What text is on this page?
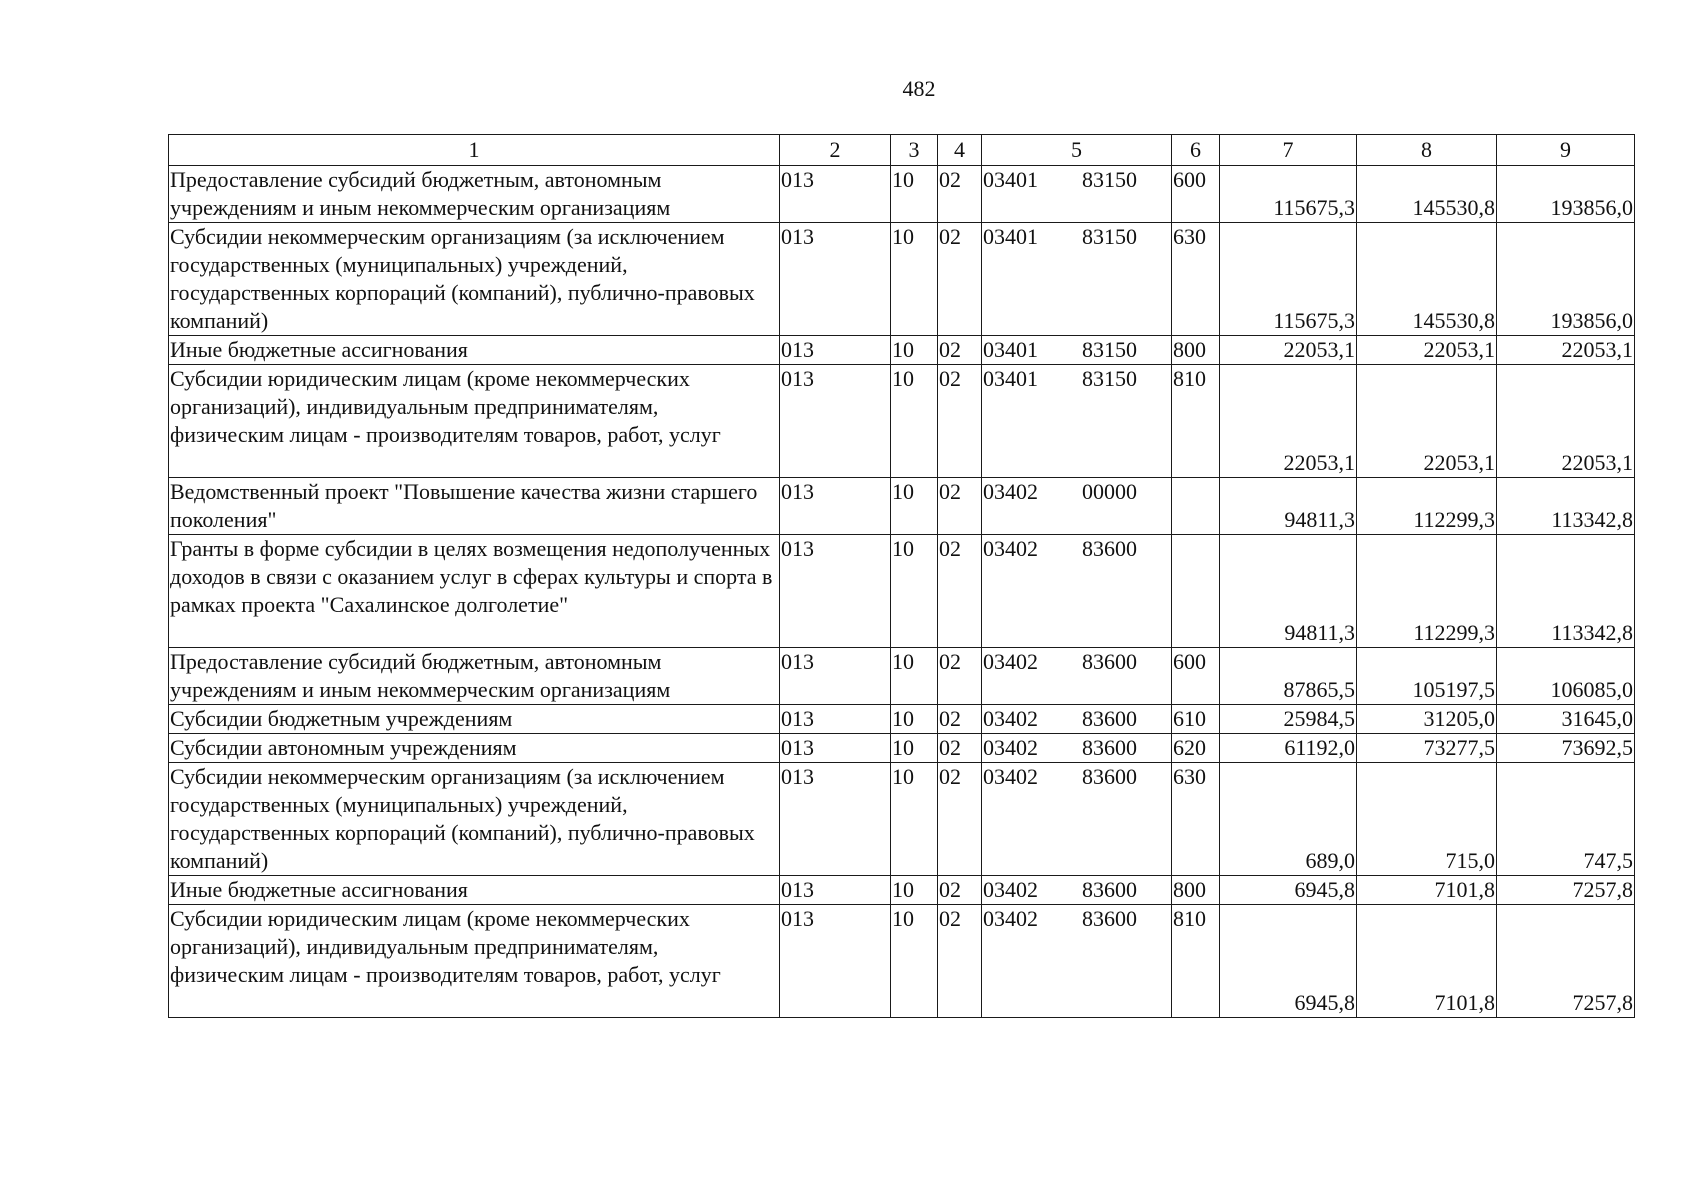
482
1	2	3	4	5	6	7	8	9
Предоставление субсидий бюджетным, автономным учреждениям и иным некоммерческим организациям	013	10	02	03401 83150	600	115675,3	145530,8	193856,0
Субсидии некоммерческим организациям (за исключением государственных (муниципальных) учреждений, государственных корпораций (компаний), публично-правовых компаний)	013	10	02	03401 83150	630	115675,3	145530,8	193856,0
Иные бюджетные ассигнования	013	10	02	03401 83150	800	22053,1	22053,1	22053,1
Субсидии юридическим лицам (кроме некоммерческих организаций), индивидуальным предпринимателям, физическим лицам - производителям товаров, работ, услуг	013	10	02	03401 83150	810	22053,1	22053,1	22053,1
Ведомственный проект "Повышение качества жизни старшего поколения"	013	10	02	03402 00000		94811,3	112299,3	113342,8
Гранты в форме субсидии в целях возмещения недополученных доходов в связи с оказанием услуг в сферах культуры и спорта в рамках проекта "Сахалинское долголетие"	013	10	02	03402 83600		94811,3	112299,3	113342,8
Предоставление субсидий бюджетным, автономным учреждениям и иным некоммерческим организациям	013	10	02	03402 83600	600	87865,5	105197,5	106085,0
Субсидии бюджетным учреждениям	013	10	02	03402 83600	610	25984,5	31205,0	31645,0
Субсидии автономным учреждениям	013	10	02	03402 83600	620	61192,0	73277,5	73692,5
Субсидии некоммерческим организациям (за исключением государственных (муниципальных) учреждений, государственных корпораций (компаний), публично-правовых компаний)	013	10	02	03402 83600	630	689,0	715,0	747,5
Иные бюджетные ассигнования	013	10	02	03402 83600	800	6945,8	7101,8	7257,8
Субсидии юридическим лицам (кроме некоммерческих организаций), индивидуальным предпринимателям, физическим лицам - производителям товаров, работ, услуг	013	10	02	03402 83600	810	6945,8	7101,8	7257,8
